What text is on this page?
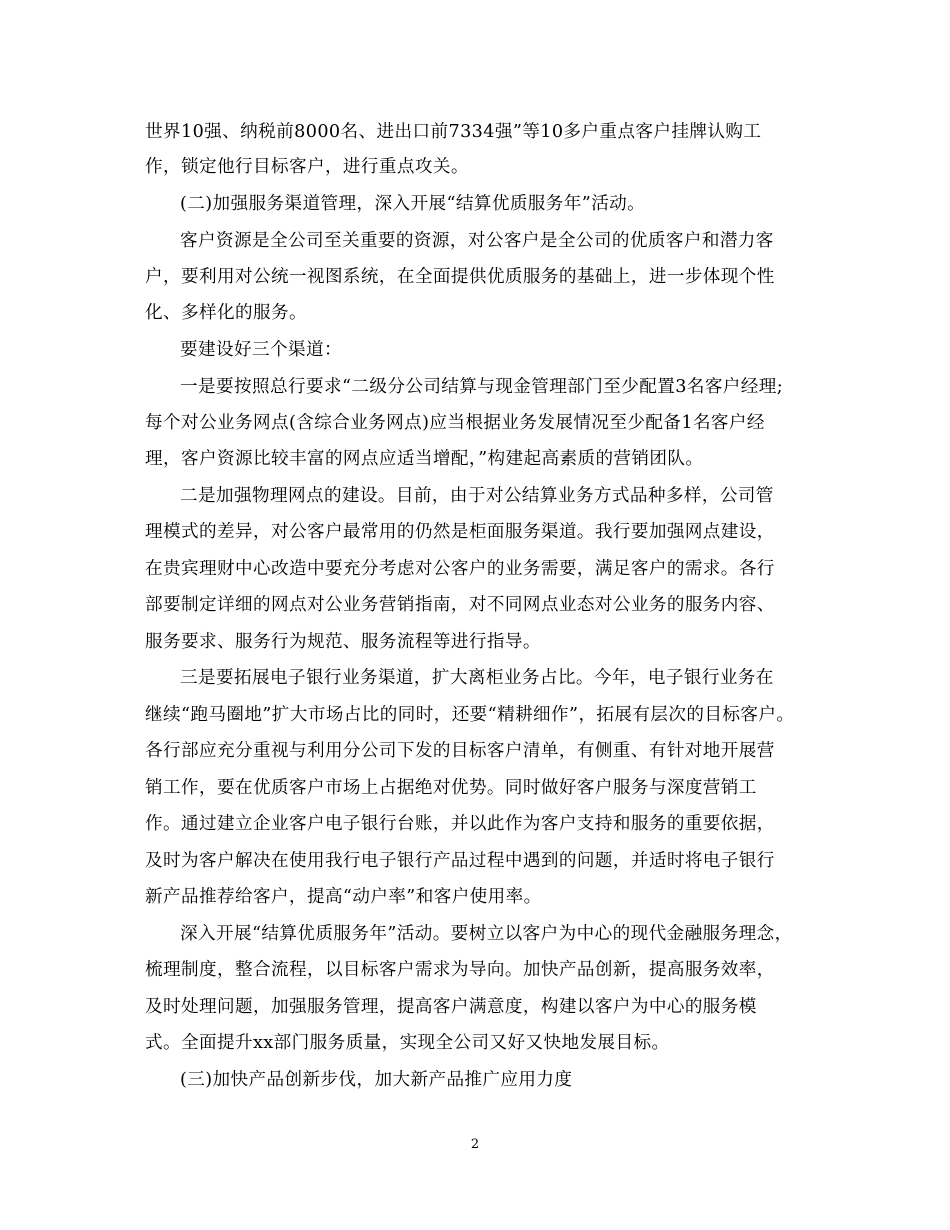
世界10强、纳税前8000名、进出口前7334强”等10多户重点客户挂牌认购工
作，锁定他行目标客户，进行重点攻关。
(二)加强服务渠道管理，深入开展“结算优质服务年”活动。
客户资源是全公司至关重要的资源，对公客户是全公司的优质客户和潜力客
户，要利用对公统一视图系统，在全面提供优质服务的基础上，进一步体现个性
化、多样化的服务。
要建设好三个渠道：
一是要按照总行要求“二级分公司结算与现金管理部门至少配置3名客户经理;
每个对公业务网点(含综合业务网点)应当根据业务发展情况至少配备1名客户经
理，客户资源比较丰富的网点应适当增配，”构建起高素质的营销团队。
二是加强物理网点的建设。目前，由于对公结算业务方式品种多样，公司管
理模式的差异，对公客户最常用的仍然是柜面服务渠道。我行要加强网点建设，
在贵宾理财中心改造中要充分考虑对公客户的业务需要，满足客户的需求。各行
部要制定详细的网点对公业务营销指南，对不同网点业态对公业务的服务内容、
服务要求、服务行为规范、服务流程等进行指导。
三是要拓展电子银行业务渠道，扩大离柜业务占比。今年，电子银行业务在
继续“跑马圈地”扩大市场占比的同时，还要“精耕细作”，拓展有层次的目标客户。
各行部应充分重视与利用分公司下发的目标客户清单，有侧重、有针对地开展营
销工作，要在优质客户市场上占据绝对优势。同时做好客户服务与深度营销工
作。通过建立企业客户电子银行台账，并以此作为客户支持和服务的重要依据，
及时为客户解决在使用我行电子银行产品过程中遇到的问题，并适时将电子银行
新产品推荐给客户，提高“动户率”和客户使用率。
深入开展“结算优质服务年”活动。要树立以客户为中心的现代金融服务理念，
梳理制度，整合流程，以目标客户需求为导向。加快产品创新，提高服务效率，
及时处理问题，加强服务管理，提高客户满意度，构建以客户为中心的服务模
式。全面提升xx部门服务质量，实现全公司又好又快地发展目标。
(三)加快产品创新步伐，加大新产品推广应用力度
2
